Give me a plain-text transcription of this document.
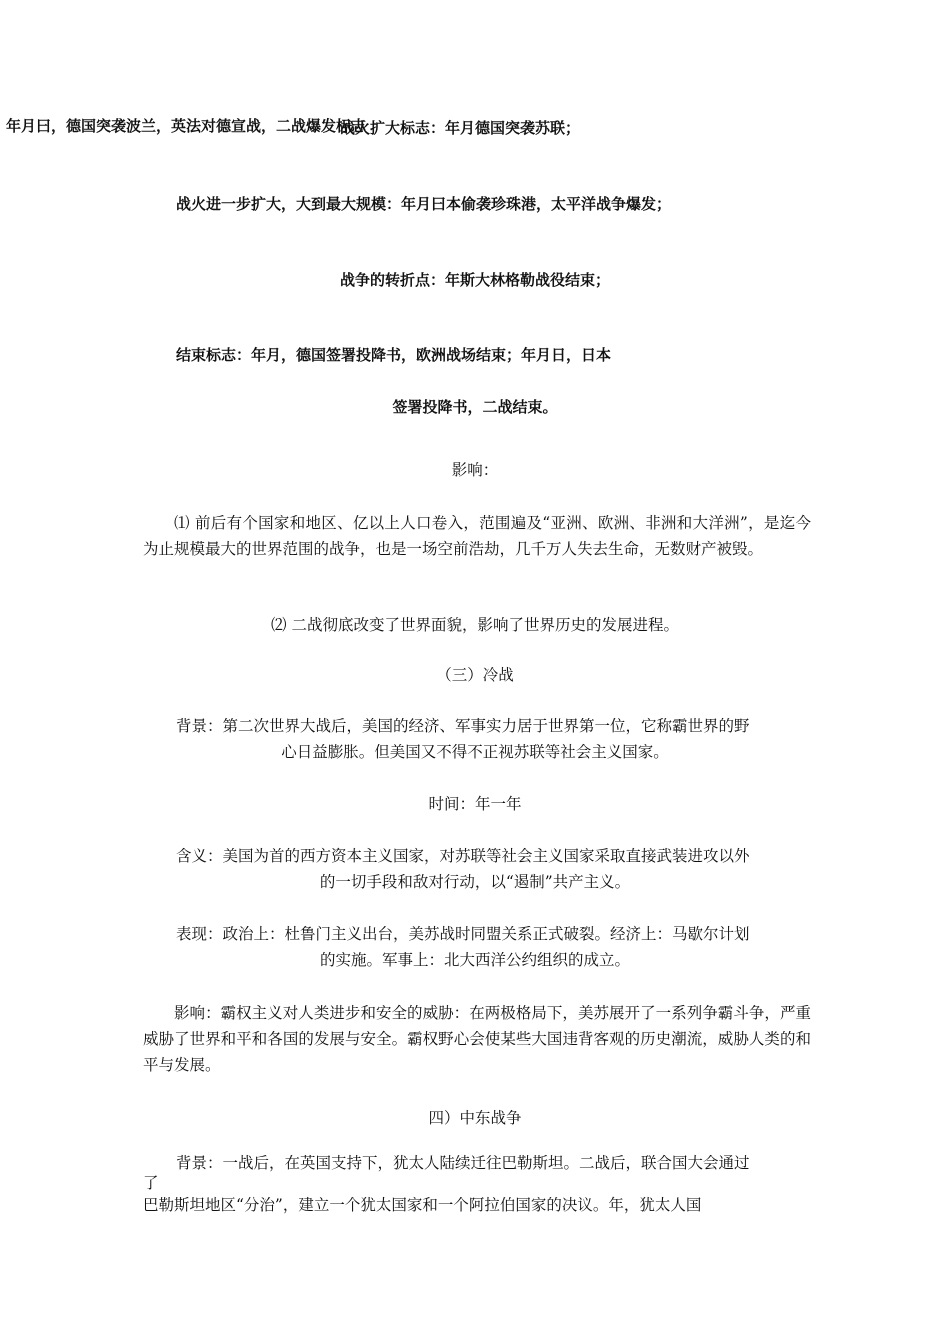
年月曰，德国突袭波兰，英法对德宣战，二战爆发标志
战火扩大标志：年月德国突袭苏联；
战火进一步扩大，大到最大规模：年月曰本偷袭珍珠港，太平洋战争爆发；
战争的转折点：年斯大林格勒战役结束；
结束标志：年月，德国签署投降书，欧洲战场结束；年月日，日本
签署投降书，二战结束。
影响：
⑴ 前后有个国家和地区、亿以上人口卷入，范围遍及“亚洲、欧洲、非洲和大洋洲”，是迄今为止规模最大的世界范围的战争，也是一场空前浩劫，几千万人失去生命，无数财产被毁。
⑵ 二战彻底改变了世界面貌，影响了世界历史的发展进程。
（三）冷战
背景：第二次世界大战后，美国的经济、军事实力居于世界第一位，它称霸世界的野
心日益膨胀。但美国又不得不正视苏联等社会主义国家。
时间：年一年
含义：美国为首的西方资本主义国家，对苏联等社会主义国家采取直接武装进攻以外
的一切手段和敌对行动，以“遏制”共产主义。
表现：政治上：杜鲁门主义出台，美苏战时同盟关系正式破裂。经济上：马歇尔计划
的实施。军事上：北大西洋公约组织的成立。
影响：霸权主义对人类进步和安全的威胁：在两极格局下，美苏展开了一系列争霸斗争，严重威胁了世界和平和各国的发展与安全。霸权野心会使某些大国违背客观的历史潮流，威胁人类的和平与发展。
四）中东战争
背景：一战后，在英国支持下，犹太人陆续迁往巴勒斯坦。二战后，联合国大会通过
了
巴勒斯坦地区“分治”，建立一个犹太国家和一个阿拉伯国家的决议。年，犹太人国
